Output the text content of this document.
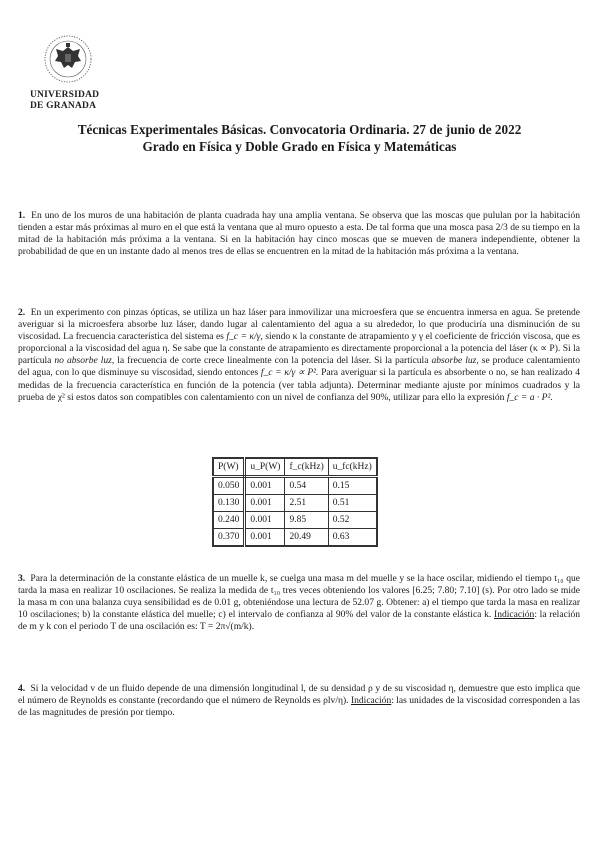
UNIVERSIDAD
DE GRANADA
Técnicas Experimentales Básicas. Convocatoria Ordinaria. 27 de junio de 2022
Grado en Física y Doble Grado en Física y Matemáticas

1. En uno de los muros de una habitación de planta cuadrada hay una amplia ventana. Se observa que las moscas que pululan por la habitación tienden a estar más próximas al muro en el que está la ventana que al muro opuesto a esta. De tal forma que una mosca pasa 2/3 de su tiempo en la mitad de la habitación más próxima a la ventana. Si en la habitación hay cinco moscas que se mueven de manera independiente, obtener la probabilidad de que en un instante dado al menos tres de ellas se encuentren en la mitad de la habitación más próxima a la ventana.

2. En un experimento con pinzas ópticas, se utiliza un haz láser para inmovilizar una microesfera que se encuentra inmersa en agua. Se pretende averiguar si la microesfera absorbe luz láser, dando lugar al calentamiento del agua a su alrededor, lo que produciría una disminución de su viscosidad. La frecuencia característica del sistema es f_c = κ/γ, siendo κ la constante de atrapamiento y γ el coeficiente de fricción viscosa, que es proporcional a la viscosidad del agua η. Se sabe que la constante de atrapamiento es directamente proporcional a la potencia del láser (κ ∝ P). Si la partícula no absorbe luz, la frecuencia de corte crece linealmente con la potencia del láser. Si la partícula absorbe luz, se produce calentamiento del agua, con lo que disminuye su viscosidad, siendo entonces f_c = κ/γ ∝ P². Para averiguar si la partícula es absorbente o no, se han realizado 4 medidas de la frecuencia característica en función de la potencia (ver tabla adjunta). Determinar mediante ajuste por mínimos cuadrados y la prueba de χ² si estos datos son compatibles con calentamiento con un nivel de confianza del 90%, utilizar para ello la expresión f_c = a · P².

P(W)	u_P(W)	f_c(kHz)	u_fc(kHz)
0.050	0.001	0.54	0.15
0.130	0.001	2.51	0.51
0.240	0.001	9.85	0.52
0.370	0.001	20.49	0.63

3. Para la determinación de la constante elástica de un muelle k, se cuelga una masa m del muelle y se la hace oscilar, midiendo el tiempo t₁₀ que tarda la masa en realizar 10 oscilaciones. Se realiza la medida de t₁₀ tres veces obteniendo los valores [6.25; 7.80; 7.10] (s). Por otro lado se mide la masa m con una balanza cuya sensibilidad es de 0.01 g, obteniéndose una lectura de 52.07 g. Obtener: a) el tiempo que tarda la masa en realizar 10 oscilaciones; b) la constante elástica del muelle; c) el intervalo de confianza al 90% del valor de la constante elástica k. Indicación: la relación de m y k con el periodo T de una oscilación es: T = 2π√(m/k).

4. Si la velocidad v de un fluido depende de una dimensión longitudinal l, de su densidad ρ y de su viscosidad η, demuestre que esto implica que el número de Reynolds es constante (recordando que el número de Reynolds es ρlv/η). Indicación: las unidades de la viscosidad corresponden a las de las magnitudes de presión por tiempo.
